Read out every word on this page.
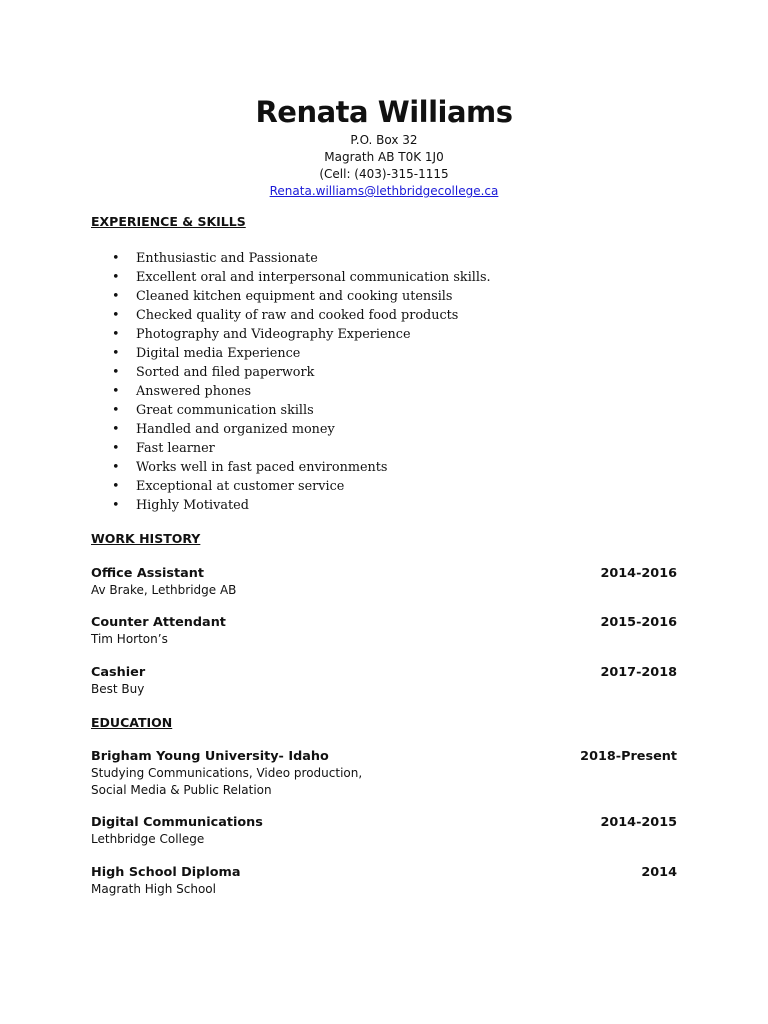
Renata Williams
P.O. Box 32
Magrath AB T0K 1J0
(Cell: (403)-315-1115
Renata.williams@lethbridgecollege.ca
EXPERIENCE & SKILLS
• Enthusiastic and Passionate
• Excellent oral and interpersonal communication skills.
• Cleaned kitchen equipment and cooking utensils
• Checked quality of raw and cooked food products
• Photography and Videography Experience
• Digital media Experience
• Sorted and filed paperwork
• Answered phones
• Great communication skills
• Handled and organized money
• Fast learner
• Works well in fast paced environments
• Exceptional at customer service
• Highly Motivated
WORK HISTORY
Office Assistant	2014-2016
Av Brake, Lethbridge AB
Counter Attendant	2015-2016
Tim Horton’s
Cashier	2017-2018
Best Buy
EDUCATION
Brigham Young University- Idaho	2018-Present
Studying Communications, Video production,
Social Media & Public Relation
Digital Communications	2014-2015
Lethbridge College
High School Diploma	2014
Magrath High School
